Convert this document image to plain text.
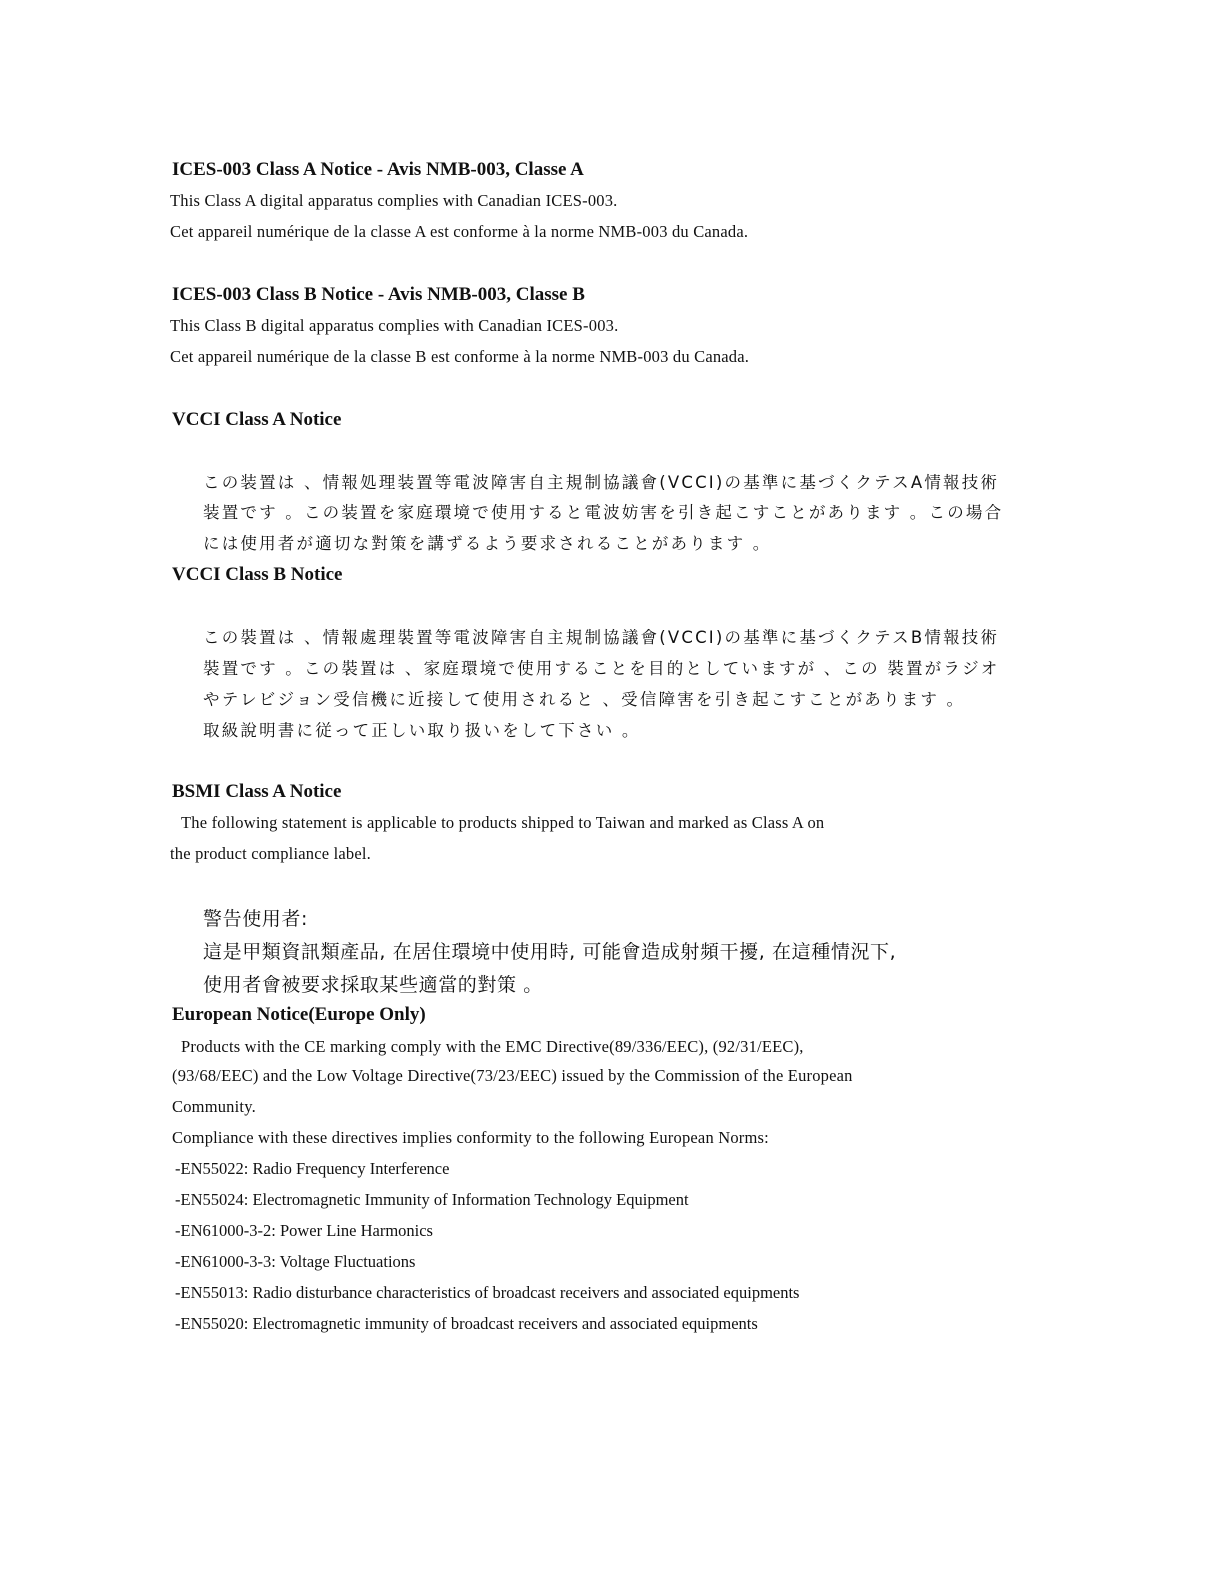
ICES-003 Class A Notice - Avis NMB-003, Classe A
This Class A digital apparatus complies with Canadian ICES-003.
Cet appareil numérique de la classe A est conforme à la norme NMB-003 du Canada.
ICES-003 Class B Notice - Avis NMB-003, Classe B
This Class B digital apparatus complies with Canadian ICES-003.
Cet appareil numérique de la classe B est conforme à la norme NMB-003 du Canada.
VCCI Class A Notice
この装置は 、情報処理装置等電波障害自主規制協議會(VCCI)の基準に基づくクテスA情報技術
装置です 。この装置を家庭環境で使用すると電波妨害を引き起こすことがあります 。この場合
には使用者が適切な對策を講ずるよう要求されることがあります 。
VCCI Class B Notice
この裝置は 、情報處理裝置等電波障害自主規制協議會(VCCI)の基準に基づくクテスB情報技術
裝置です 。この裝置は 、家庭環境で使用することを目的としていますが 、この 裝置がラジオ
やテレビジョン受信機に近接して使用されると 、受信障害を引き起こすことがあります 。
取級說明書に従って正しい取り扱いをして下さい 。
BSMI Class A Notice
The following statement is applicable to products shipped to Taiwan and marked as Class A on
the product compliance label.
警告使用者:
這是甲類資訊類產品, 在居住環境中使用時, 可能會造成射頻干擾, 在這種情況下,
使用者會被要求採取某些適當的對策 。
European Notice(Europe Only)
Products with the CE marking comply with the EMC Directive(89/336/EEC), (92/31/EEC),
(93/68/EEC) and the Low Voltage Directive(73/23/EEC) issued by the Commission of the European
Community.
Compliance with these directives implies conformity to the following European Norms:
-EN55022: Radio Frequency Interference
-EN55024: Electromagnetic Immunity of Information Technology Equipment
-EN61000-3-2: Power Line Harmonics
-EN61000-3-3: Voltage Fluctuations
-EN55013: Radio disturbance characteristics of broadcast receivers and associated equipments
-EN55020: Electromagnetic immunity of broadcast receivers and associated equipments
